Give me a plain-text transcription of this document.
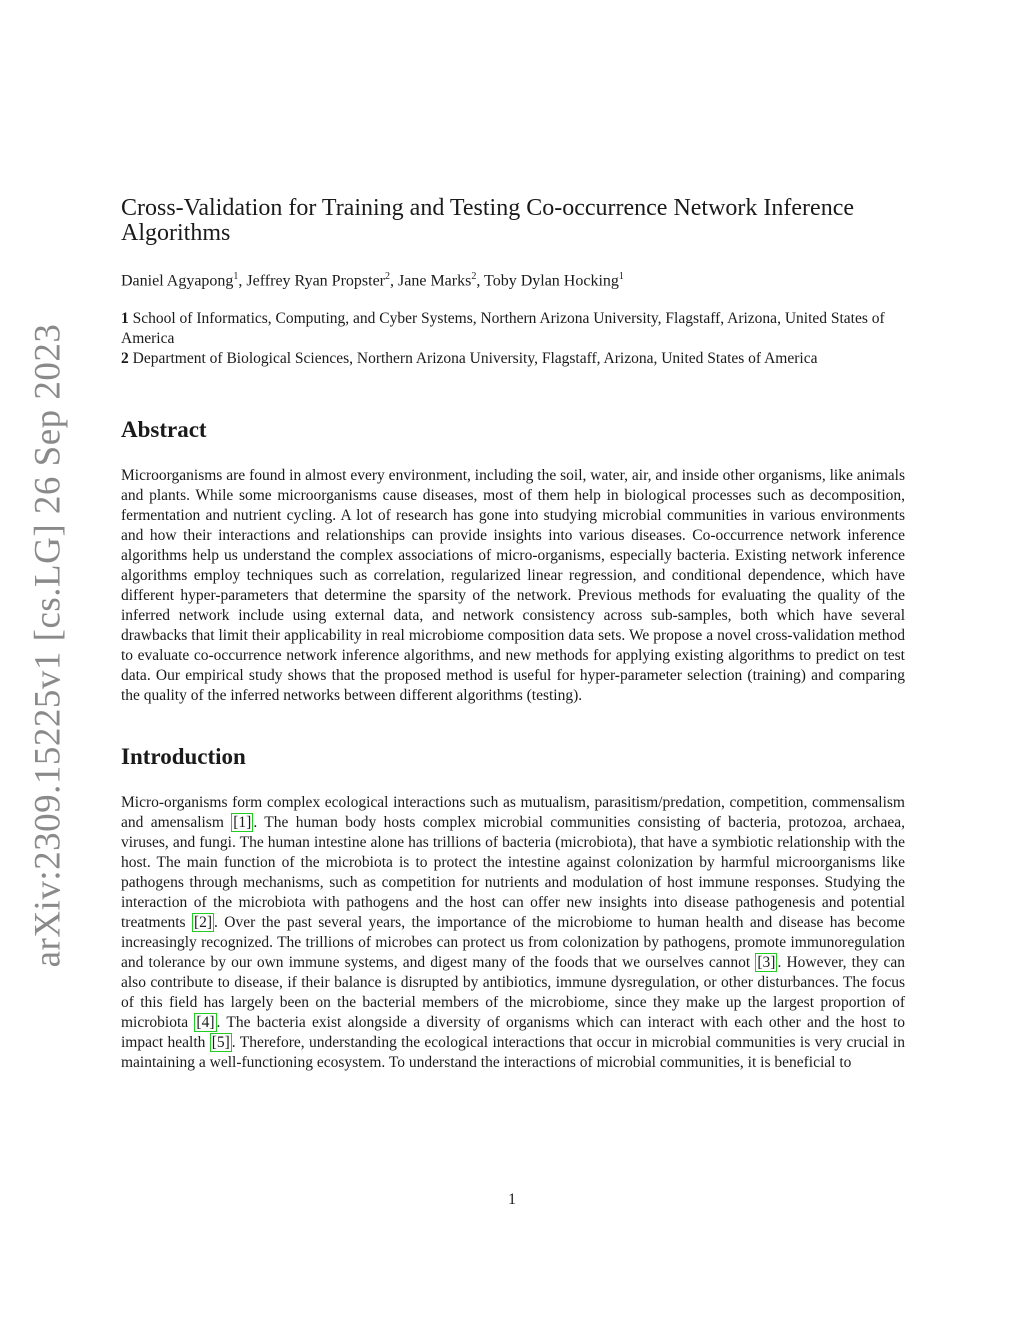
arXiv:2309.15225v1 [cs.LG] 26 Sep 2023
Cross-Validation for Training and Testing Co-occurrence Network Inference Algorithms
Daniel Agyapong$^1$, Jeffrey Ryan Propster$^2$, Jane Marks$^2$, Toby Dylan Hocking$^1$
1 School of Informatics, Computing, and Cyber Systems, Northern Arizona University, Flagstaff, Arizona, United States of America
2 Department of Biological Sciences, Northern Arizona University, Flagstaff, Arizona, United States of America
Abstract

Microorganisms are found in almost every environment, including the soil, water, air, and inside other organisms, like animals and plants. While some microorganisms cause diseases, most of them help in biological processes such as decomposition, fermentation and nutrient cycling. A lot of research has gone into studying microbial communities in various environments and how their interactions and relationships can provide insights into various diseases. Co-occurrence network inference algorithms help us understand the complex associations of micro-organisms, especially bacteria. Existing network inference algorithms employ techniques such as correlation, regularized linear regression, and conditional dependence, which have different hyper-parameters that determine the sparsity of the network. Previous methods for evaluating the quality of the inferred network include using external data, and network consistency across sub-samples, both which have several drawbacks that limit their applicability in real microbiome composition data sets. We propose a novel cross-validation method to evaluate co-occurrence network inference algorithms, and new methods for applying existing algorithms to predict on test data. Our empirical study shows that the proposed method is useful for hyper-parameter selection (training) and comparing the quality of the inferred networks between different algorithms (testing).

Introduction

Micro-organisms form complex ecological interactions such as mutualism, parasitism/predation, competition, commensalism and amensalism [1] . The human body hosts complex microbial communities consisting of bacteria, protozoa, archaea, viruses, and fungi. The human intestine alone has trillions of bacteria (microbiota), that have a symbiotic relationship with the host. The main function of the microbiota is to protect the intestine against colonization by harmful microorganisms like pathogens through mechanisms, such as competition for nutrients and modulation of host immune responses. Studying the interaction of the microbiota with pathogens and the host can offer new insights into disease pathogenesis and potential treatments [2] . Over the past several years, the importance of the microbiome to human health and disease has become increasingly recognized. The trillions of microbes can protect us from colonization by pathogens, promote immunoregulation and tolerance by our own immune systems, and digest many of the foods that we ourselves cannot [3] . However, they can also contribute to disease, if their balance is disrupted by antibiotics, immune dysregulation, or other disturbances. The focus of this field has largely been on the bacterial members of the microbiome, since they make up the largest proportion of microbiota [4] . The bacteria exist alongside a diversity of organisms which can interact with each other and the host to impact health [5] . Therefore, understanding the ecological interactions that occur in microbial communities is very crucial in maintaining a well-functioning ecosystem. To understand the interactions of microbial communities, it is beneficial to

1
